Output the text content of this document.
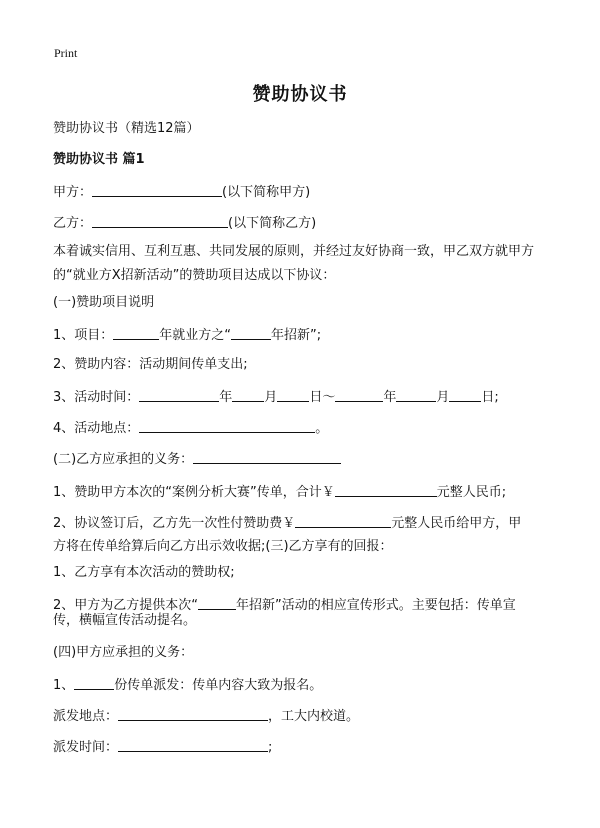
Print
赞助协议书
赞助协议书（精选12篇）
赞助协议书 篇1
甲方：	(以下简称甲方)
乙方：	(以下简称乙方)
本着诚实信用、互利互惠、共同发展的原则，并经过友好协商一致，甲乙双方就甲方的“就业方X招新活动”的赞助项目达成以下协议：
(一)赞助项目说明
1、项目：	年就业方之“	年招新”;
2、赞助内容：活动期间传单支出;
3、活动时间：	年 月 日～	年	月 日;
4、活动地点：	。
(二)乙方应承担的义务：
1、赞助甲方本次的“案例分析大赛”传单，合计￥	元整人民币;
2、协议签订后，乙方先一次性付赞助费￥	元整人民币给甲方，甲
方将在传单给算后向乙方出示效收据;(三)乙方享有的回报：
1、乙方享有本次活动的赞助权;
2、甲方为乙方提供本次“	年招新”活动的相应宣传形式。主要包括：传单宣
传，横幅宣传活动提名。
(四)甲方应承担的义务：
1、	份传单派发：传单内容大致为报名。
派发地点：	，工大内校道。
派发时间：	;
